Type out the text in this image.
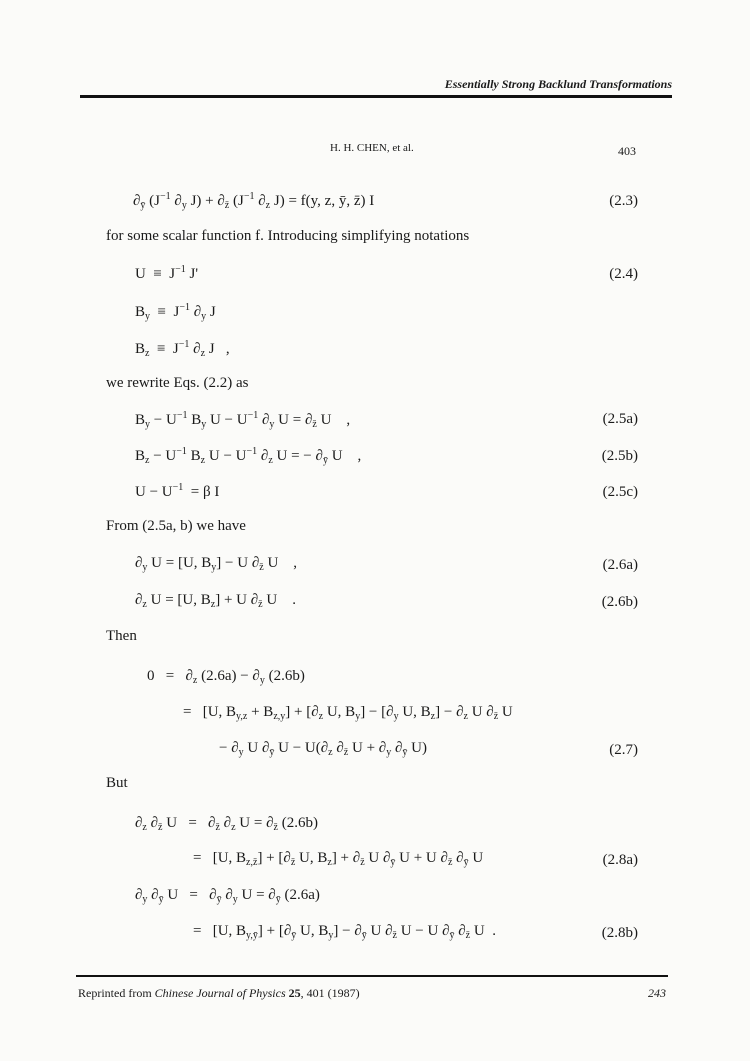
Essentially Strong Backlund Transformations
H. H. CHEN, et al.	403
$\partial_ȳ$ ($J^{-1}$ $\partial_y$ $J) + \partial_{z̄}$ ($J^{-1}$ $\partial_z$ J) = f(y, z, ȳ, z̄) I	(2.3)
for some scalar function f. Introducing simplifying notations
$U \equiv J^{-1}$ J'	(2.4)
$B_y \equiv J^{-1}$ $\partial_y$ J
$B_z \equiv J^{-1}$ $\partial_z$ J   ,
we rewrite Eqs. (2.2) as
$B_y - U^{-1}$ $B_y$ $U - U^{-1}$ $\partial_y$ $U = \partial_{z̄}$ U    ,	(2.5a)
$B_z - U^{-1}$ $B_z$ $U - U^{-1}$ $\partial_z$ U = − $\partial_ȳ$ U    ,	(2.5b)
$U - U^{-1} = \beta$ I	(2.5c)
From (2.5a, b) we have
$\partial_y$ U = [U, $B_y] - U$ $\partial_{z̄}$ U    ,	(2.6a)
$\partial_z$ U = [U, $B_z] + U$ $\partial_{z̄}$ U    .	(2.6b)
Then
$0 = \partial_z$ $(2.6a) - \partial_y$ (2.6b)
=   [U, $B_{y,z} + B_{z,y}] + [\partial_z$ U, $B_y] - [\partial_y$ U, $B_z] - \partial_z$ U $\partial_{z̄}$ U
− $\partial_y$ U $\partial_ȳ$ $U - U(\partial_z$ $\partial_{z̄}$ $U + \partial_y$ $\partial_ȳ$ U)	(2.7)
But
$\partial_z$ $\partial_{z̄}$ $U = \partial_{z̄}$ $\partial_z$ $U = \partial_{z̄}$ (2.6b)
=   [U, $B_{z,z̄}] + [\partial_{z̄}$ U, $B_z] + \partial_{z̄}$ U $\partial_ȳ$ U + U $\partial_{z̄}$ $\partial_ȳ$ U	(2.8a)
$\partial_y$ $\partial_ȳ$ $U = \partial_ȳ$ $\partial_y$ $U = \partial_ȳ$ (2.6a)
=   [U, $B_{y,ȳ}] + [\partial_ȳ$ U, $B_y] - \partial_ȳ$ U $\partial_{z̄}$ U − U $\partial_ȳ$ $\partial_{z̄}$ U  .	(2.8b)
Reprinted from Chinese Journal of Physics 25, 401 (1987)	243
